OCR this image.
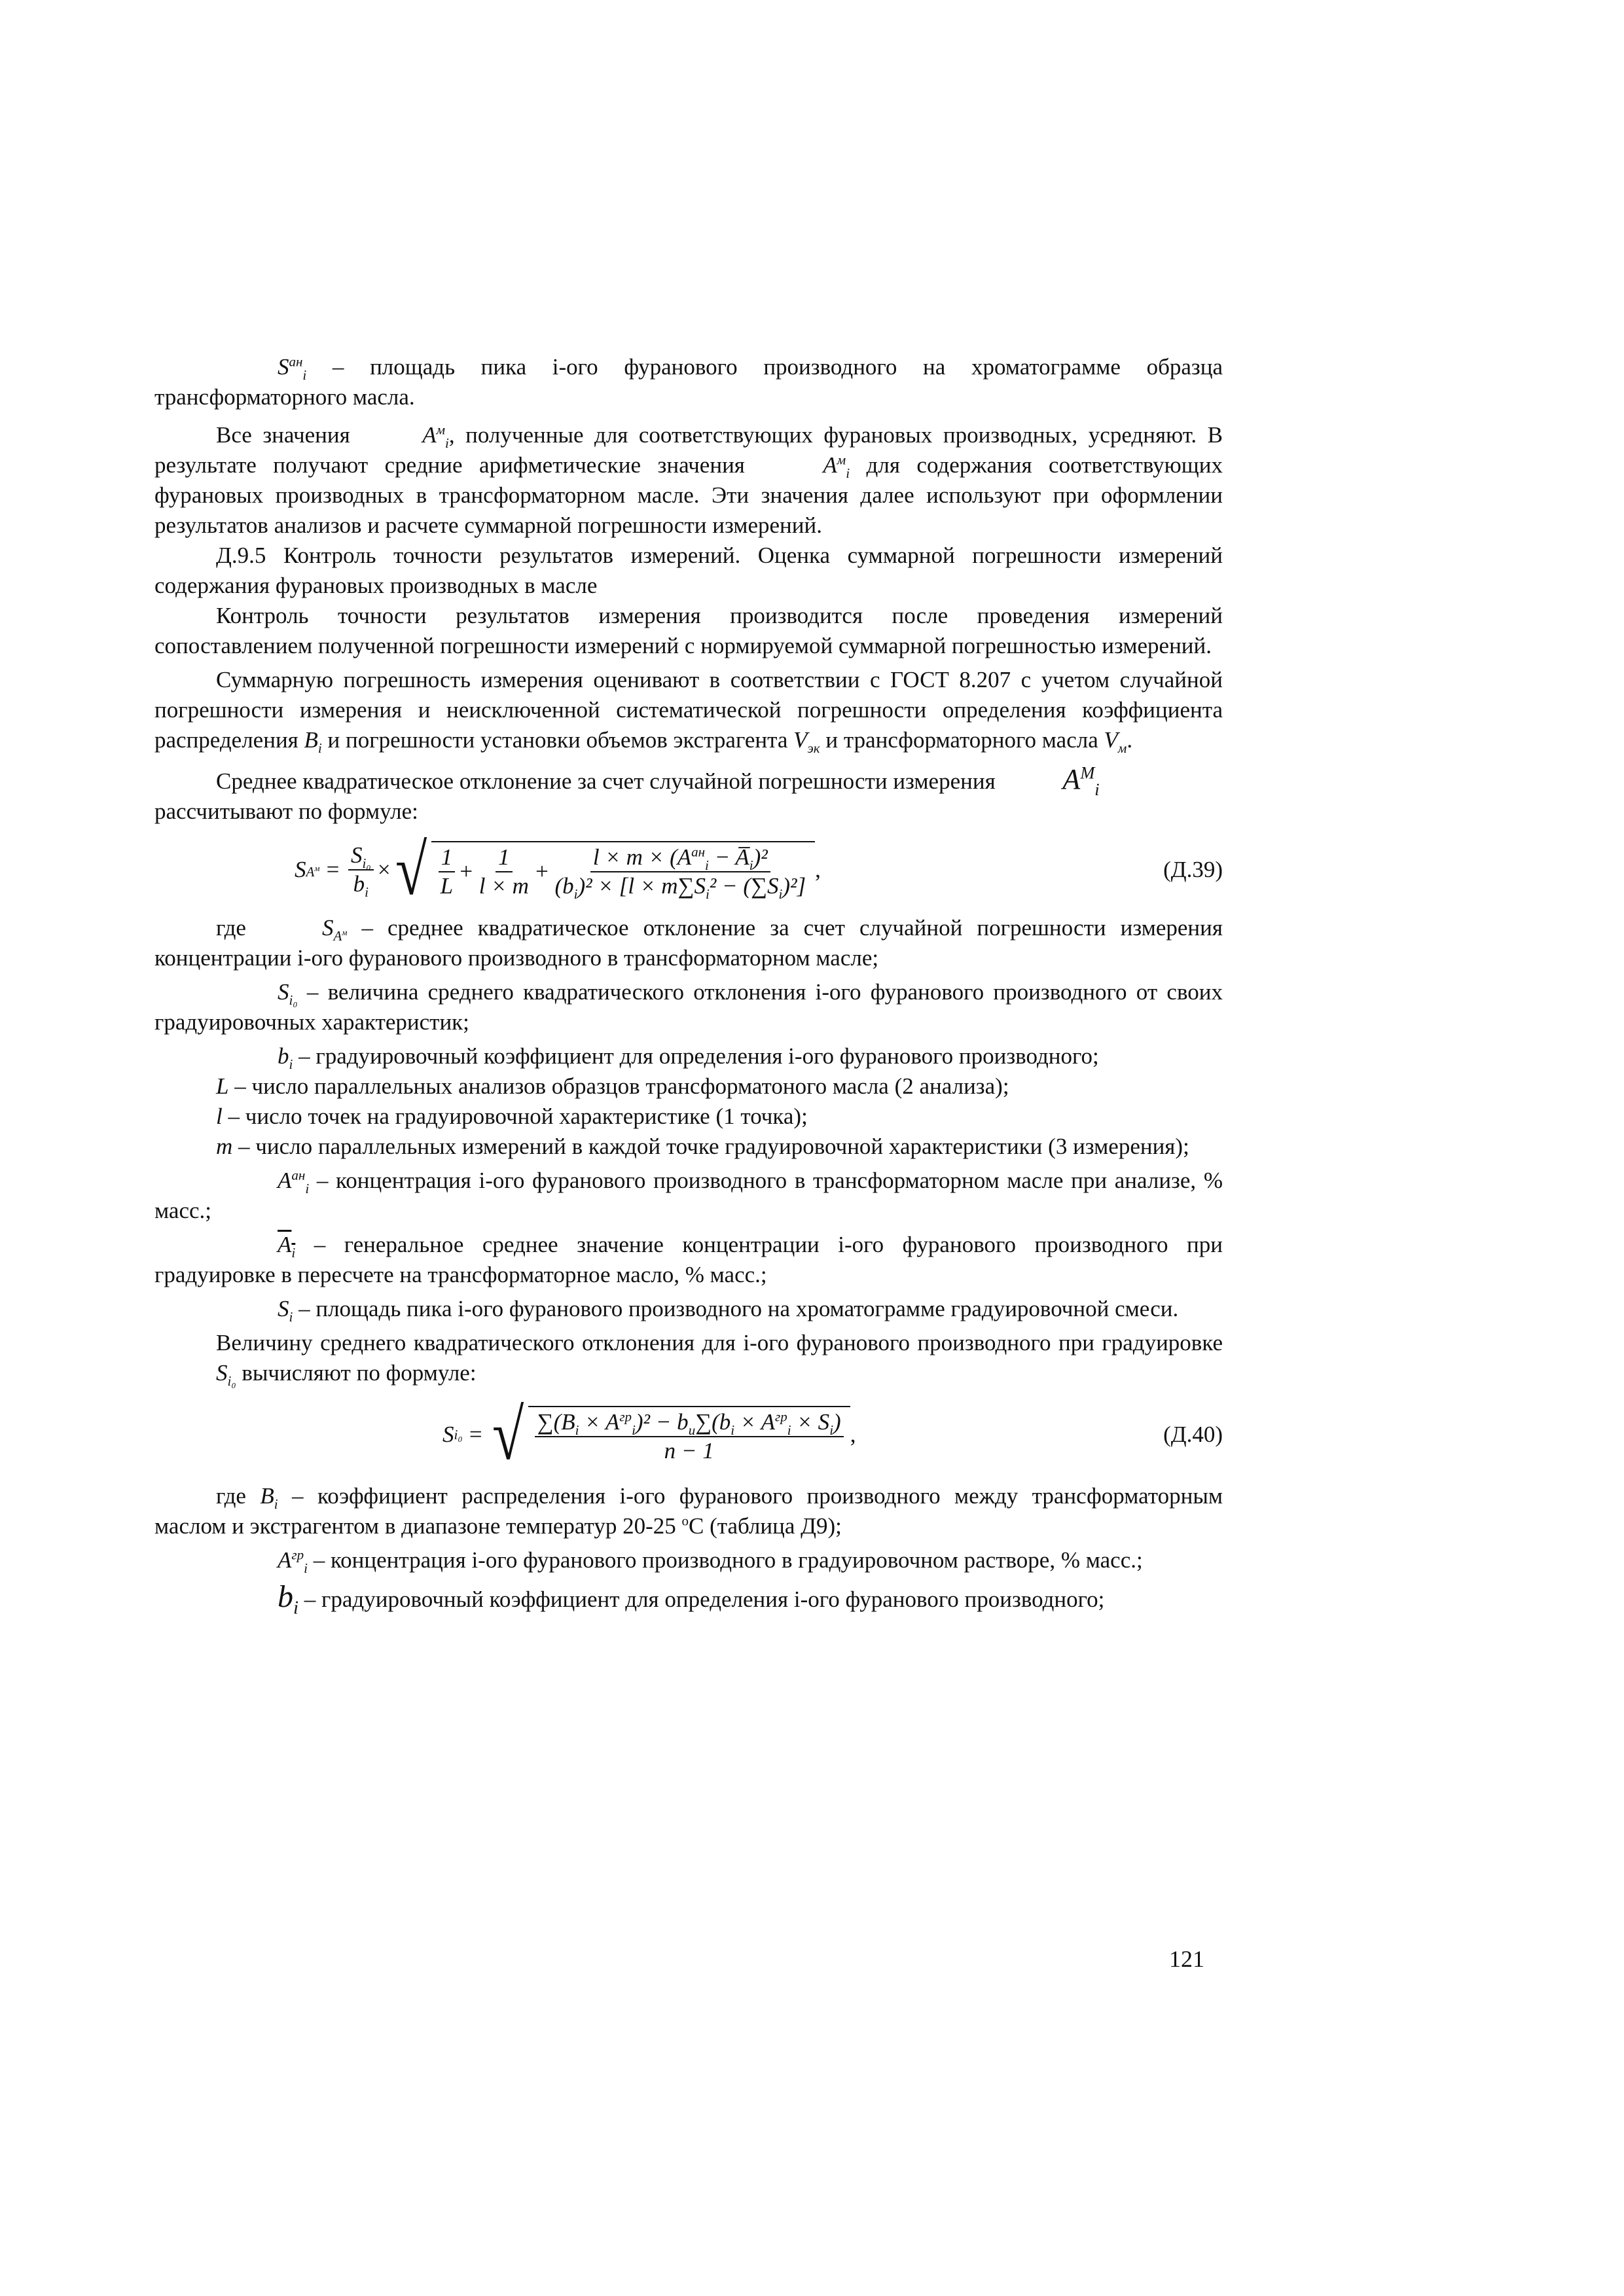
$S^{ан}_i$ – площадь пика i-ого фуранового производного на хроматограмме образца трансформаторного масла.

Все значения	$A^м_i$, полученные для соответствующих фурановых производных, усредняют. В результате получают средние арифметические значения	$A^м_i$ для содержания соответствующих фурановых производных в трансформаторном масле. Эти значения далее используют при оформлении результатов анализов и расчете суммарной погрешности измерений.

Д.9.5 Контроль точности результатов измерений. Оценка суммарной погрешности измерений содержания фурановых производных в масле

Контроль точности результатов измерения производится после проведения измерений сопоставлением полученной погрешности измерений с нормируемой суммарной погрешностью измерений.

Суммарную погрешность измерения оценивают в соответствии с ГОСТ 8.207 с учетом случайной погрешности измерения и неисключенной систематической погрешности определения коэффициента распределения $B_i$ и погрешности установки объемов экстрагента $V_{эк}$ и трансформаторного масла $V_м$.

Среднее квадратическое отклонение за счет случайной погрешности измерения $A^M_i$

рассчитывают по формуле:

S $A^м = \frac{S_{i_0}}{b_i}$ × √ $\frac{1}{L} + \frac{1}{l \times m} + \frac{l \times m \times (A^{ан}_i - A̅_i)^2}{(b_i)^2 \times [l \times m\sum S_i^2 - (\sum S_i)^2]}$ ,	(Д.39)

где	$S_{A^м}$ – среднее квадратическое отклонение за счет случайной погрешности измерения концентрации i-ого фуранового производного в трансформаторном масле;

$S_{i_0}$ – величина среднего квадратического отклонения i-ого фуранового производного от своих градуировочных характеристик;

$b_i$ – градуировочный коэффициент для определения i-ого фуранового производного;

L – число параллельных анализов образцов трансформатоного масла (2 анализа);

l – число точек на градуировочной характеристике (1 точка);

m – число параллельных измерений в каждой точке градуировочной характеристики (3 измерения);

$A^{ан}_i$ – концентрация i-ого фуранового производного в трансформаторном масле при анализе, % масс.;

$A_i$ – генеральное среднее значение концентрации i-ого фуранового производного при градуировке в пересчете на трансформаторное масло, % масс.;

$S_i$ – площадь пика i-ого фуранового производного на хроматограмме градуировочной смеси.

Величину среднего квадратического отклонения для i-ого фуранового производного при градуировке $S_{i_0}$ вычисляют по формуле:

S i₀ = √ $\frac{\sum(B_i \times A^{гр}_i)^2 - b_u\sum(b_i \times A^{гр}_i \times S_i)}{n - 1}$ ,	(Д.40)

где $B_i$ – коэффициент распределения i-ого фуранового производного между трансформаторным маслом и экстрагентом в диапазоне температур 20-25 $^o$С (таблица Д9);

$A^{гр}_i$ – концентрация i-ого фуранового производного в градуировочном растворе, % масс.;

$b_i$ – градуировочный коэффициент для определения i-ого фуранового производного;

121
